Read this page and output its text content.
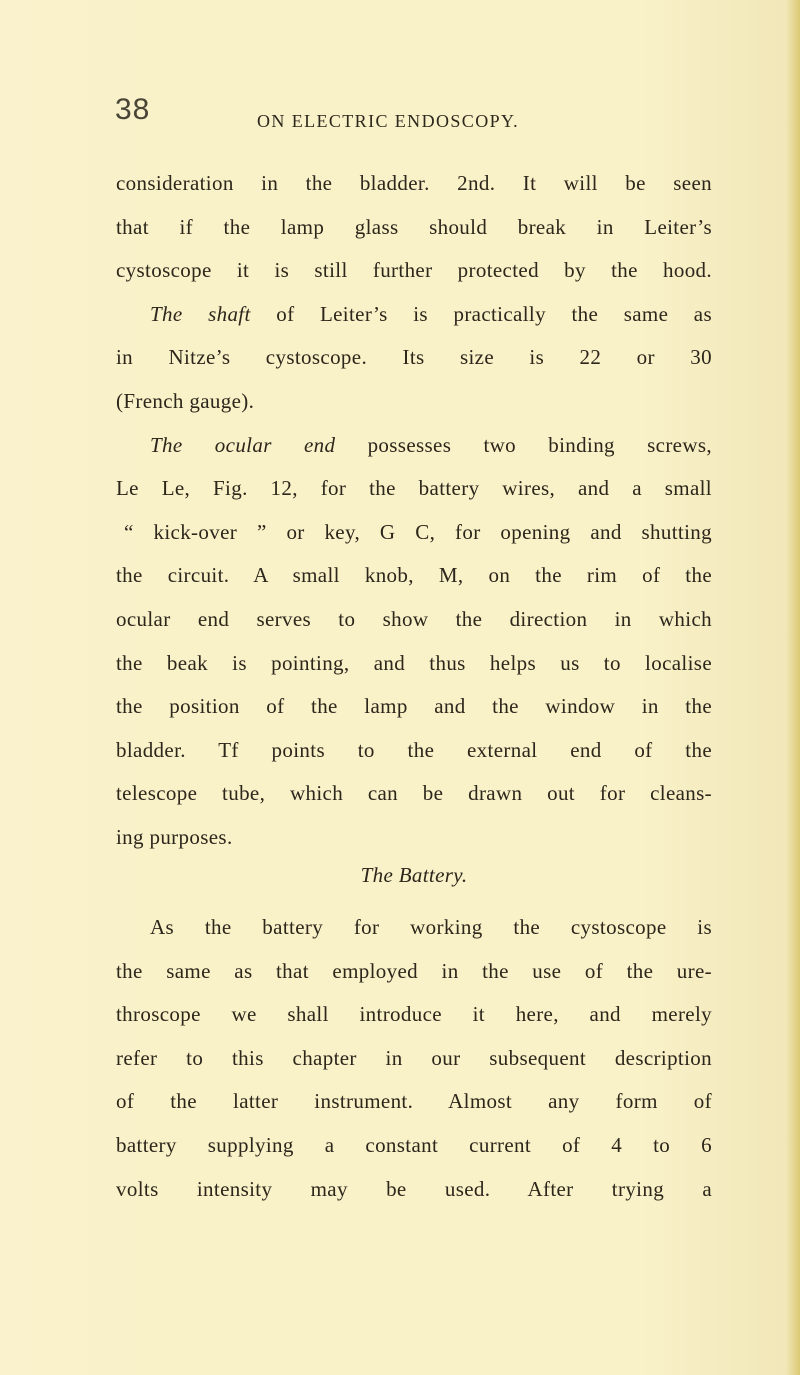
38	ON ELECTRIC ENDOSCOPY.
consideration in the bladder. 2nd. It will be seen
that if the lamp glass should break in Leiter’s
cystoscope it is still further protected by the hood.
The shaft of Leiter’s is practically the same as
in Nitze’s cystoscope. Its size is 22 or 30
(French gauge).
The ocular end possesses two binding screws,
Le Le, Fig. 12, for the battery wires, and a small
“ kick-over ” or key, G C, for opening and shutting
the circuit. A small knob, M, on the rim of the
ocular end serves to show the direction in which
the beak is pointing, and thus helps us to localise
the position of the lamp and the window in the
bladder. Tf points to the external end of the
telescope tube, which can be drawn out for cleans-
ing purposes.
The Battery.
As the battery for working the cystoscope is
the same as that employed in the use of the ure-
throscope we shall introduce it here, and merely
refer to this chapter in our subsequent description
of the latter instrument. Almost any form of
battery supplying a constant current of 4 to 6
volts intensity may be used. After trying a
